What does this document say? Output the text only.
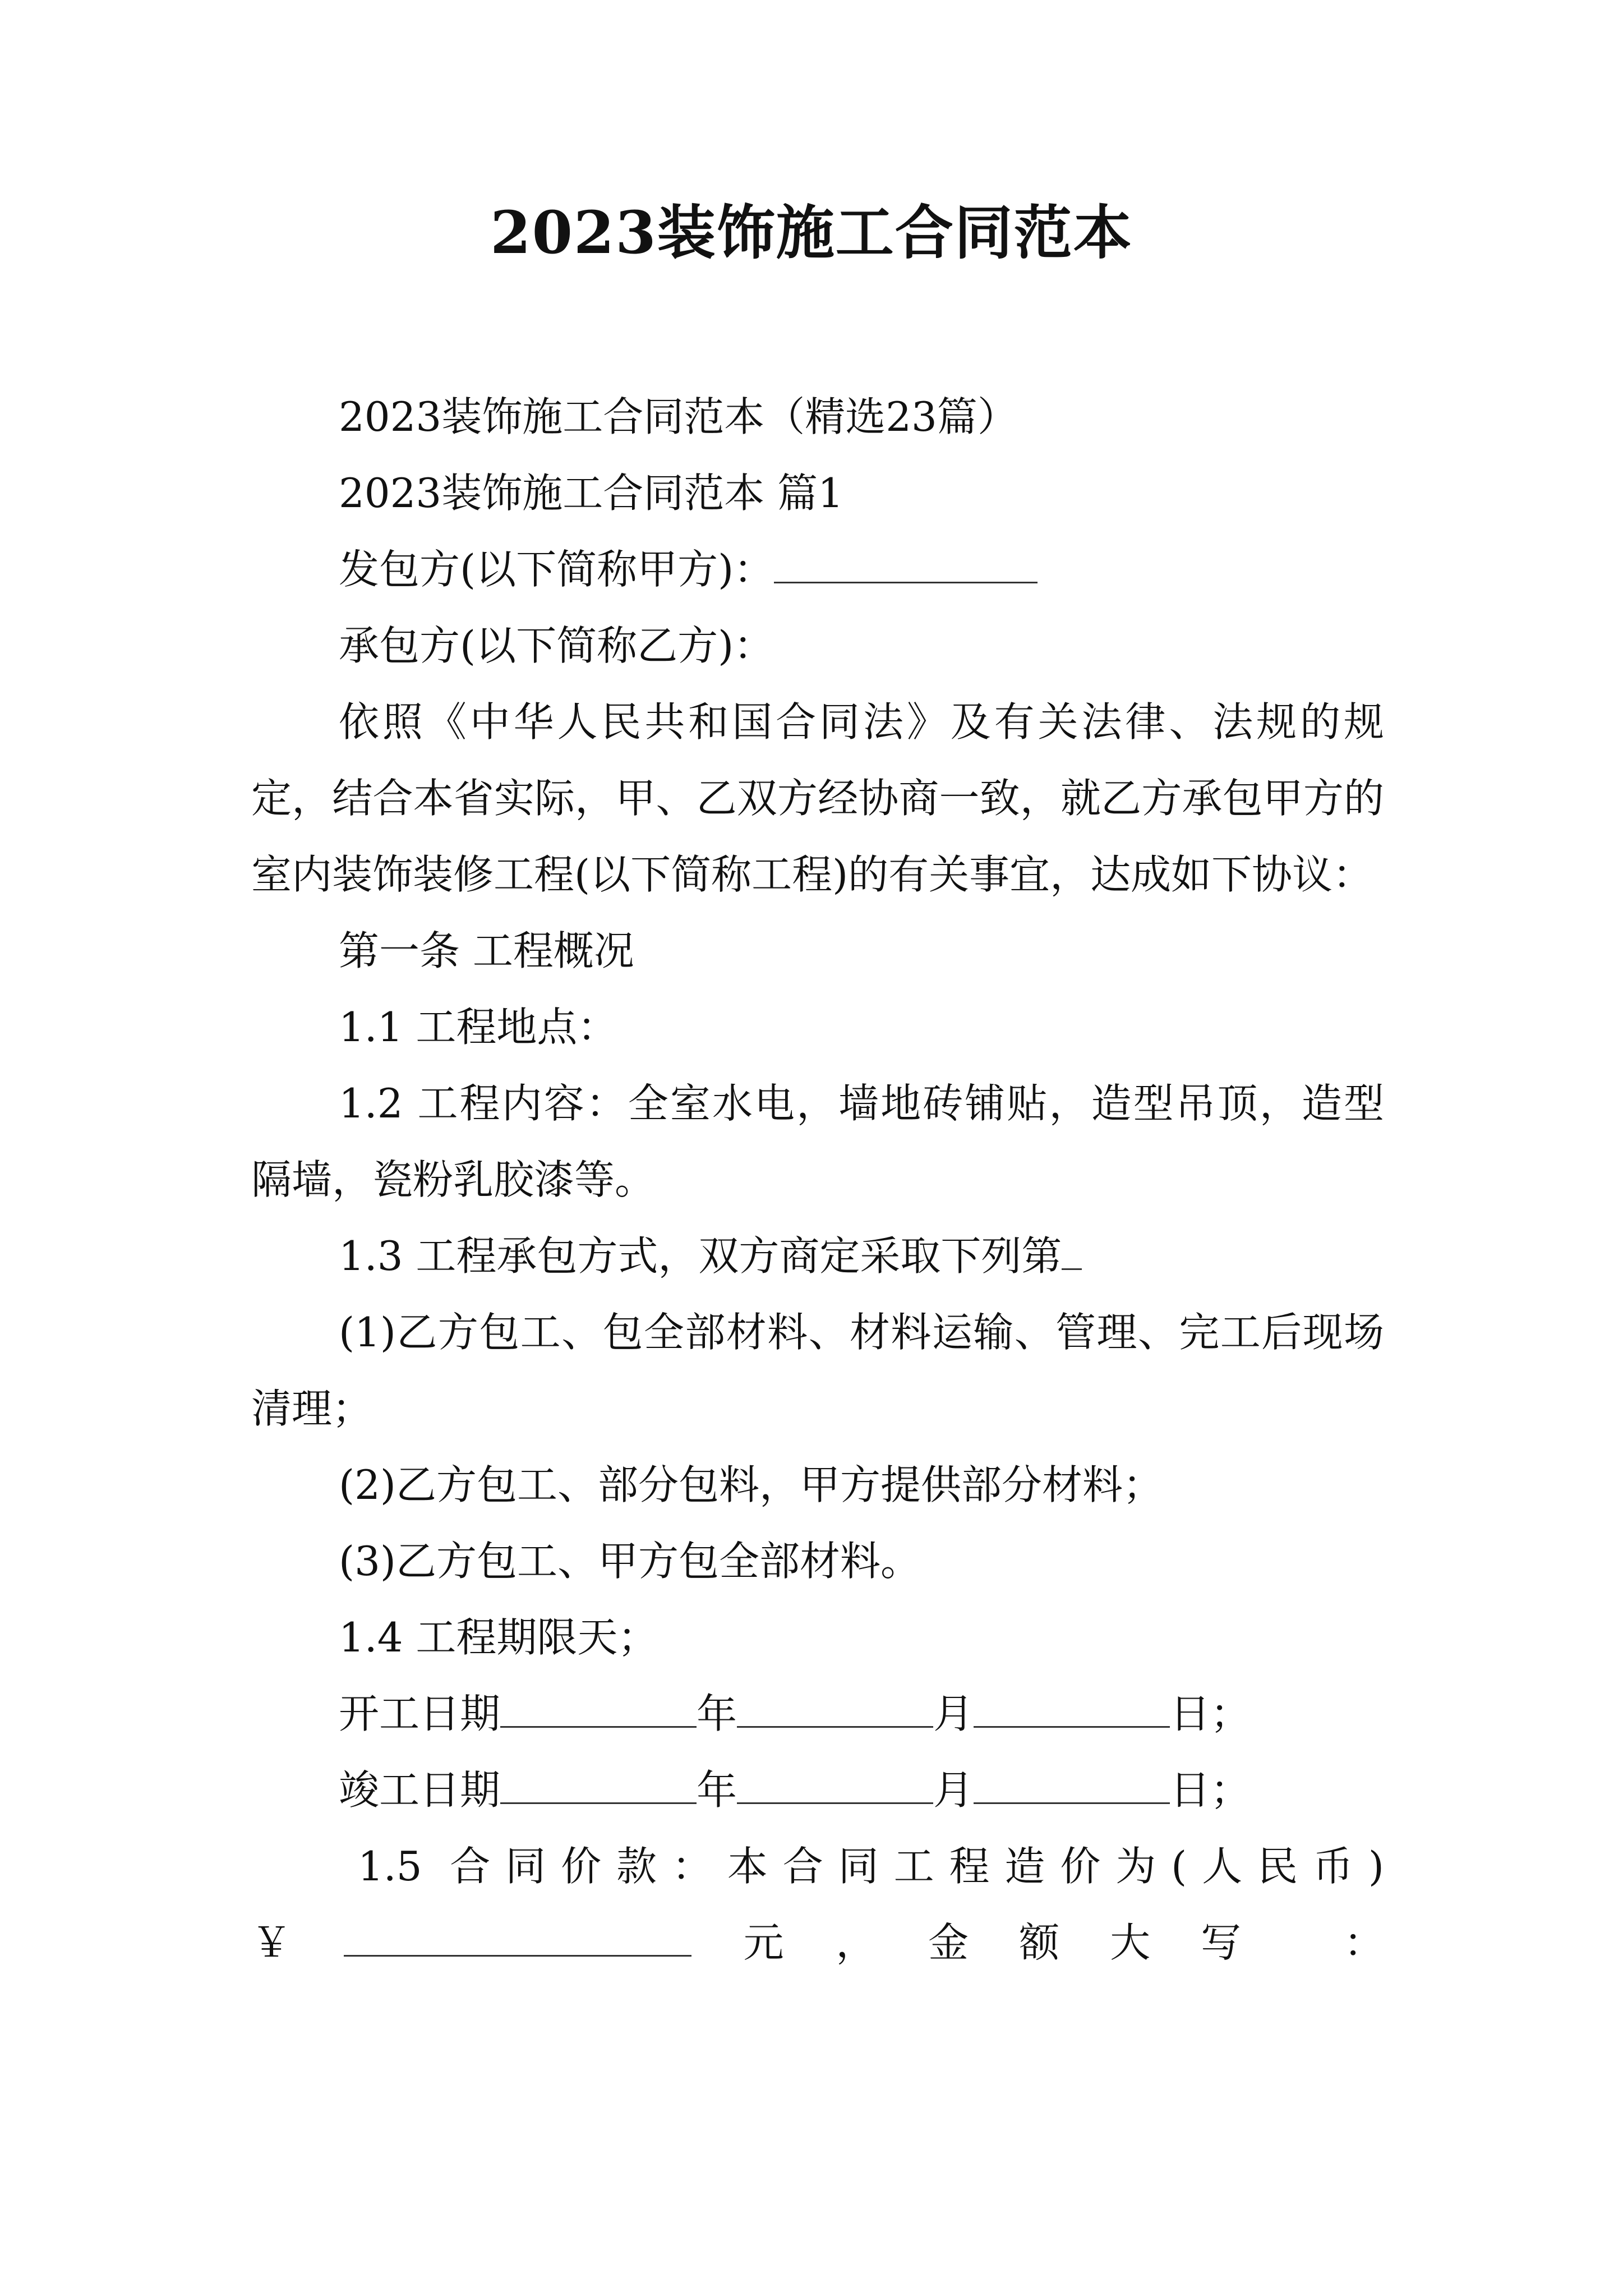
2023装饰施工合同范本

2023装饰施工合同范本（精选23篇）

2023装饰施工合同范本 篇1

发包方(以下简称甲方)：

承包方(以下简称乙方)：

依照《中华人民共和国合同法》及有关法律、法规的规定，结合本省实际，甲、乙双方经协商一致，就乙方承包甲方的室内装饰装修工程(以下简称工程)的有关事宜，达成如下协议：

第一条 工程概况

1.1 工程地点：

1.2 工程内容：全室水电，墙地砖铺贴，造型吊顶，造型隔墙，瓷粉乳胶漆等。

1.3 工程承包方式，双方商定采取下列第

(1)乙方包工、包全部材料、材料运输、管理、完工后现场清理；

(2)乙方包工、部分包料，甲方提供部分材料；

(3)乙方包工、甲方包全部材料。

1.4 工程期限天；

开工日期	年	月	日；

竣工日期	年	月	日；

1.5 合同价款：本合同工程造价为(人民币)

￥	元 ， 金额大写 ：
